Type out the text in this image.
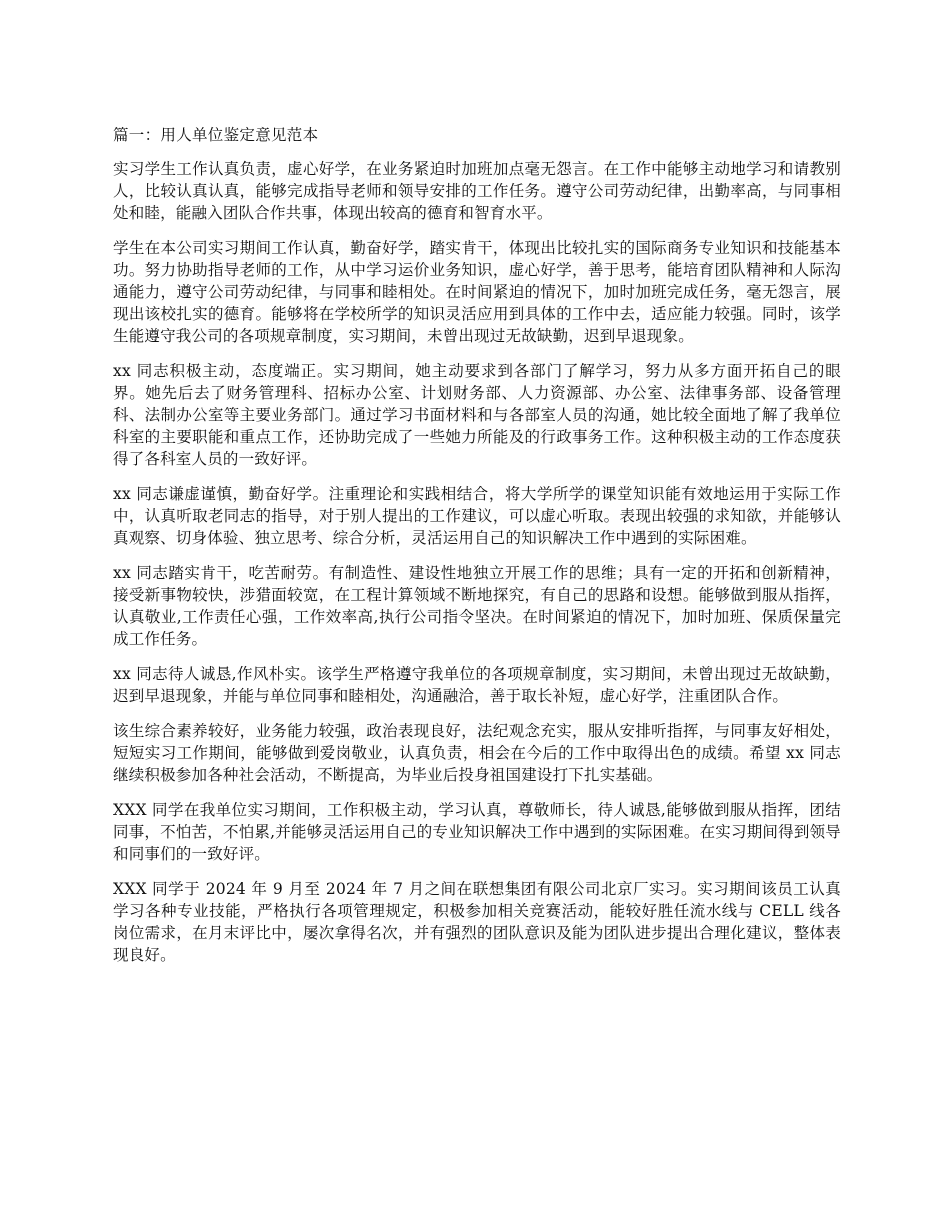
篇一：用人单位鉴定意见范本

实习学生工作认真负责，虚心好学，在业务紧迫时加班加点毫无怨言。在工作中能够主动地学习和请教别人，比较认真认真，能够完成指导老师和领导安排的工作任务。遵守公司劳动纪律，出勤率高，与同事相处和睦，能融入团队合作共事，体现出较高的德育和智育水平。

学生在本公司实习期间工作认真，勤奋好学，踏实肯干，体现出比较扎实的国际商务专业知识和技能基本功。努力协助指导老师的工作，从中学习运价业务知识，虚心好学，善于思考，能培育团队精神和人际沟通能力，遵守公司劳动纪律，与同事和睦相处。在时间紧迫的情况下，加时加班完成任务，毫无怨言，展现出该校扎实的德育。能够将在学校所学的知识灵活应用到具体的工作中去，适应能力较强。同时，该学生能遵守我公司的各项规章制度，实习期间，未曾出现过无故缺勤，迟到早退现象。

xx 同志积极主动，态度端正。实习期间，她主动要求到各部门了解学习，努力从多方面开拓自己的眼界。她先后去了财务管理科、招标办公室、计划财务部、人力资源部、办公室、法律事务部、设备管理科、法制办公室等主要业务部门。通过学习书面材料和与各部室人员的沟通，她比较全面地了解了我单位科室的主要职能和重点工作，还协助完成了一些她力所能及的行政事务工作。这种积极主动的工作态度获得了各科室人员的一致好评。

xx 同志谦虚谨慎，勤奋好学。注重理论和实践相结合，将大学所学的课堂知识能有效地运用于实际工作中，认真听取老同志的指导，对于别人提出的工作建议，可以虚心听取。表现出较强的求知欲，并能够认真观察、切身体验、独立思考、综合分析，灵活运用自己的知识解决工作中遇到的实际困难。

xx 同志踏实肯干，吃苦耐劳。有制造性、建设性地独立开展工作的思维；具有一定的开拓和创新精神，接受新事物较快，涉猎面较宽，在工程计算领域不断地探究，有自己的思路和设想。能够做到服从指挥，认真敬业,工作责任心强，工作效率高,执行公司指令坚决。在时间紧迫的情况下，加时加班、保质保量完成工作任务。

xx 同志待人诚恳,作风朴实。该学生严格遵守我单位的各项规章制度，实习期间，未曾出现过无故缺勤，迟到早退现象，并能与单位同事和睦相处，沟通融洽，善于取长补短，虚心好学，注重团队合作。

该生综合素养较好，业务能力较强，政治表现良好，法纪观念充实，服从安排听指挥，与同事友好相处，短短实习工作期间，能够做到爱岗敬业，认真负责，相会在今后的工作中取得出色的成绩。希望 xx 同志继续积极参加各种社会活动，不断提高，为毕业后投身祖国建设打下扎实基础。

XXX 同学在我单位实习期间，工作积极主动，学习认真，尊敬师长，待人诚恳,能够做到服从指挥，团结同事，不怕苦，不怕累,并能够灵活运用自己的专业知识解决工作中遇到的实际困难。在实习期间得到领导和同事们的一致好评。

XXX 同学于 2024 年 9 月至 2024 年 7 月之间在联想集团有限公司北京厂实习。实习期间该员工认真学习各种专业技能，严格执行各项管理规定，积极参加相关竞赛活动，能较好胜任流水线与 CELL 线各岗位需求，在月末评比中，屡次拿得名次，并有强烈的团队意识及能为团队进步提出合理化建议，整体表现良好。
